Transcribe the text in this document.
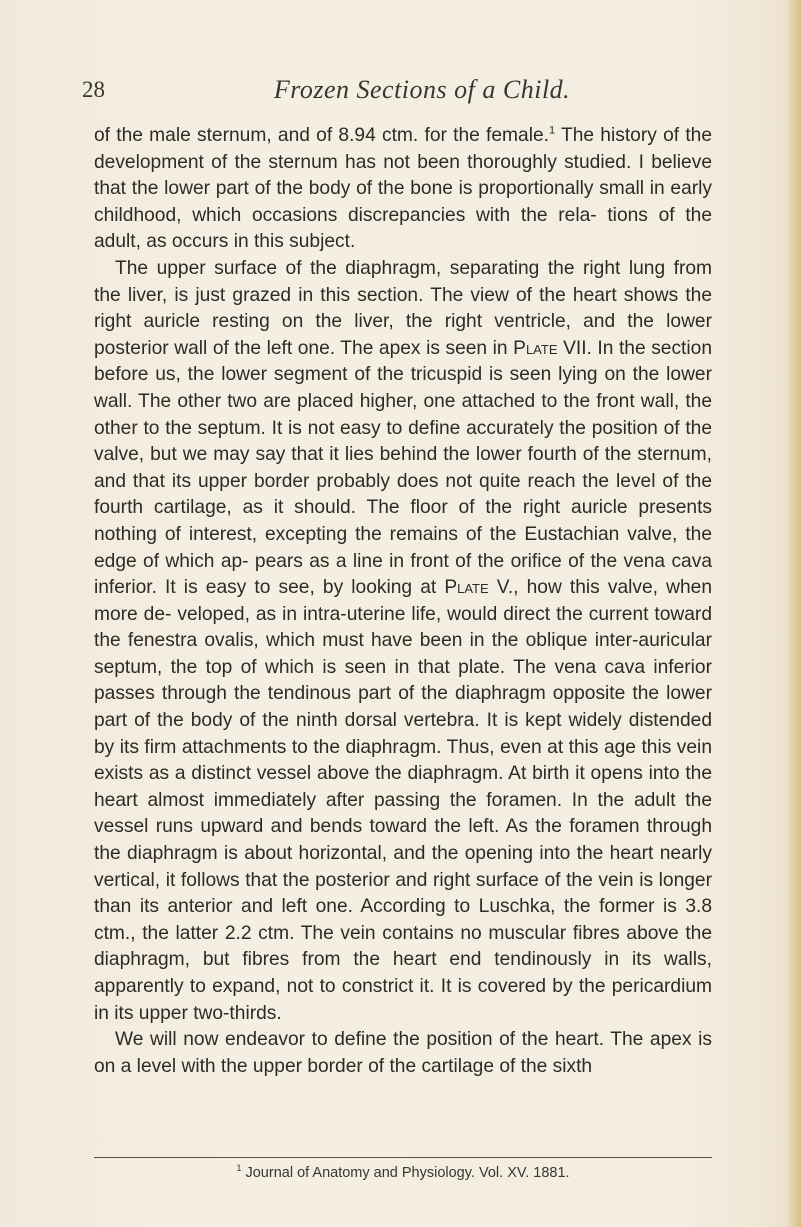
28	Frozen Sections of a Child.

of the male sternum, and of 8.94 ctm. for the female.$^1$ The history of the development of the sternum has not been thoroughly studied. I believe that the lower part of the body of the bone is proportionally small in early childhood, which occasions discrepancies with the rela- tions of the adult, as occurs in this subject.

The upper surface of the diaphragm, separating the right lung from the liver, is just grazed in this section. The view of the heart shows the right auricle resting on the liver, the right ventricle, and the lower posterior wall of the left one. The apex is seen in Plate VII. In the section before us, the lower segment of the tricuspid is seen lying on the lower wall. The other two are placed higher, one attached to the front wall, the other to the septum. It is not easy to define accurately the position of the valve, but we may say that it lies behind the lower fourth of the sternum, and that its upper border probably does not quite reach the level of the fourth cartilage, as it should. The floor of the right auricle presents nothing of interest, excepting the remains of the Eustachian valve, the edge of which ap- pears as a line in front of the orifice of the vena cava inferior. It is easy to see, by looking at Plate V., how this valve, when more de- veloped, as in intra-uterine life, would direct the current toward the fenestra ovalis, which must have been in the oblique inter-auricular septum, the top of which is seen in that plate. The vena cava inferior passes through the tendinous part of the diaphragm opposite the lower part of the body of the ninth dorsal vertebra. It is kept widely distended by its firm attachments to the diaphragm. Thus, even at this age this vein exists as a distinct vessel above the diaphragm. At birth it opens into the heart almost immediately after passing the foramen. In the adult the vessel runs upward and bends toward the left. As the foramen through the diaphragm is about horizontal, and the opening into the heart nearly vertical, it follows that the posterior and right surface of the vein is longer than its anterior and left one. According to Luschka, the former is 3.8 ctm., the latter 2.2 ctm. The vein contains no muscular fibres above the diaphragm, but fibres from the heart end tendinously in its walls, apparently to expand, not to constrict it. It is covered by the pericardium in its upper two-thirds.

We will now endeavor to define the position of the heart. The apex is on a level with the upper border of the cartilage of the sixth

$^1$ Journal of Anatomy and Physiology. Vol. XV. 1881.
